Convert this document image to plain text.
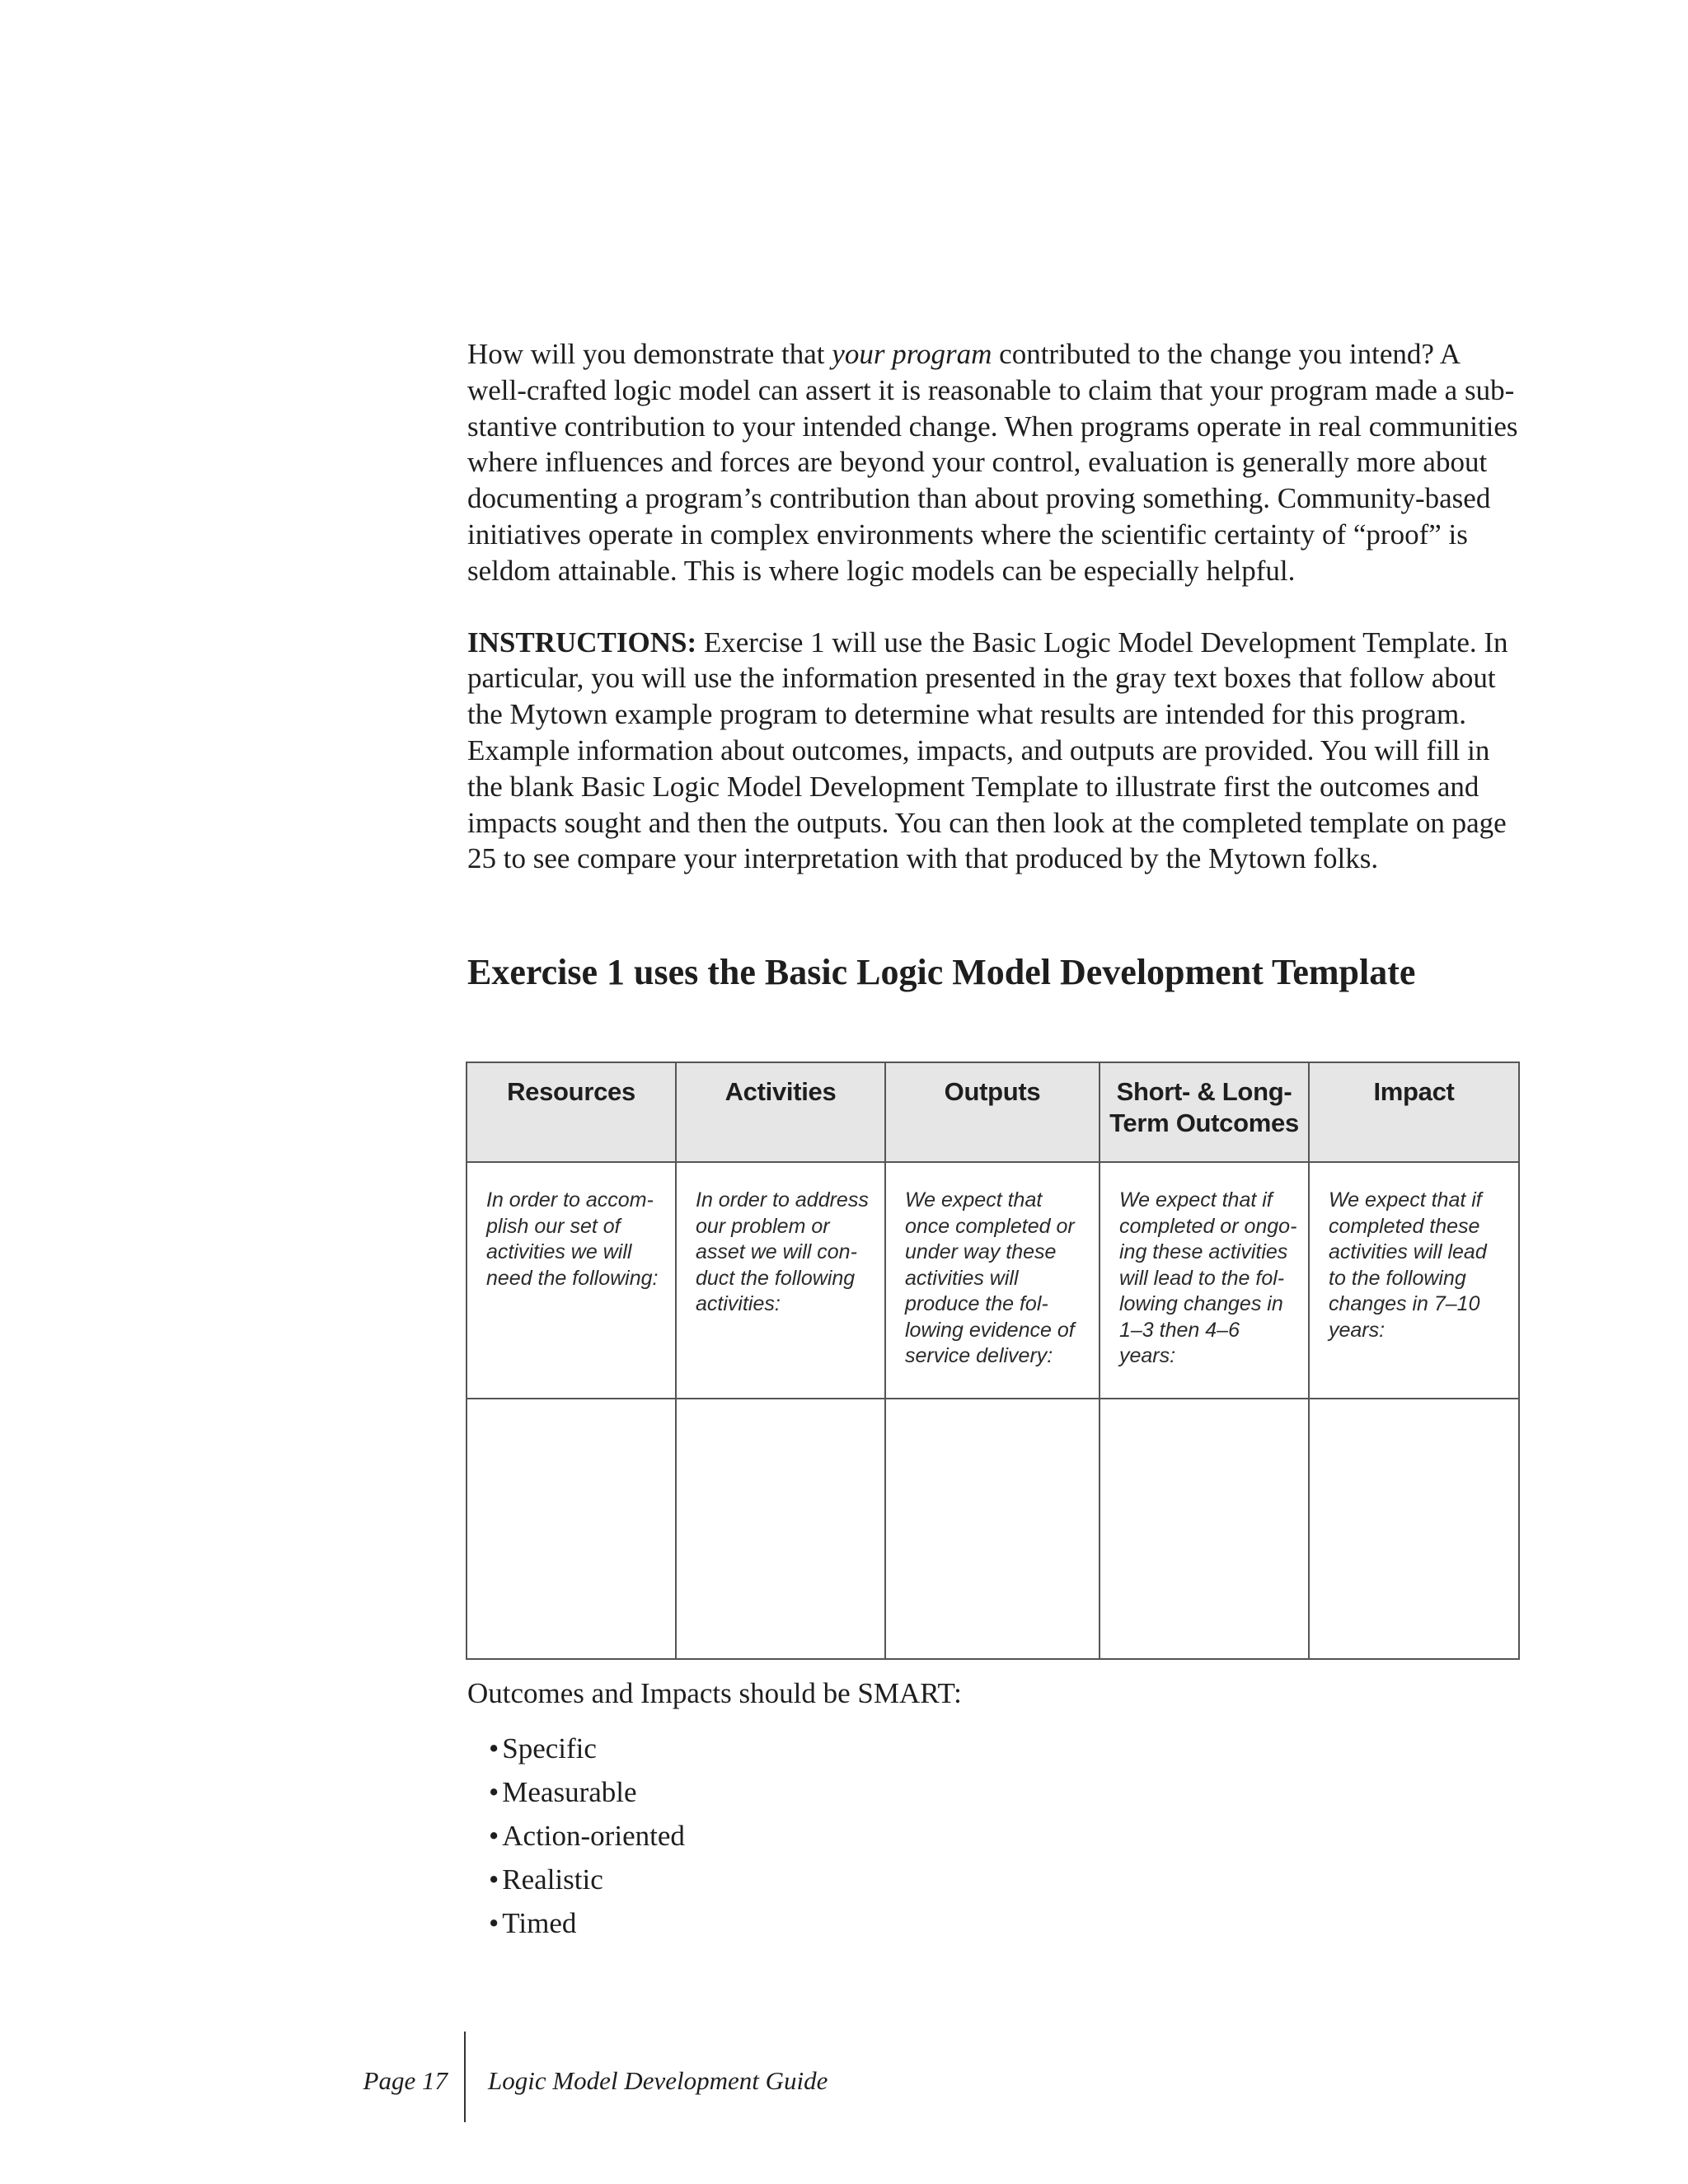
How will you demonstrate that your program contributed to the change you intend? A well-crafted logic model can assert it is reasonable to claim that your program made a substantive contribution to your intended change. When programs operate in real communities where influences and forces are beyond your control, evaluation is generally more about documenting a program’s contribution than about proving something. Community-based initiatives operate in complex environments where the scientific certainty of “proof” is seldom attainable. This is where logic models can be especially helpful.

INSTRUCTIONS: Exercise 1 will use the Basic Logic Model Development Template. In particular, you will use the information presented in the gray text boxes that follow about the Mytown example program to determine what results are intended for this program. Example information about outcomes, impacts, and outputs are provided. You will fill in the blank Basic Logic Model Development Template to illustrate first the outcomes and impacts sought and then the outputs. You can then look at the completed template on page 25 to see compare your interpretation with that produced by the Mytown folks.

Exercise 1 uses the Basic Logic Model Development Template
Resources	Activities	Outputs	Short- & Long-Term Outcomes	Impact
In order to accomplish our set of activities we will need the following:	In order to address our problem or asset we will conduct the following activities:	We expect that once completed or under way these activities will produce the following evidence of service delivery:	We expect that if completed or ongoing these activities will lead to the following changes in 1–3 then 4–6 years:	We expect that if completed these activities will lead to the following changes in 7–10 years:

Outcomes and Impacts should be SMART:
• Specific
• Measurable
• Action-oriented
• Realistic
• Timed
Page 17 Logic Model Development Guide
